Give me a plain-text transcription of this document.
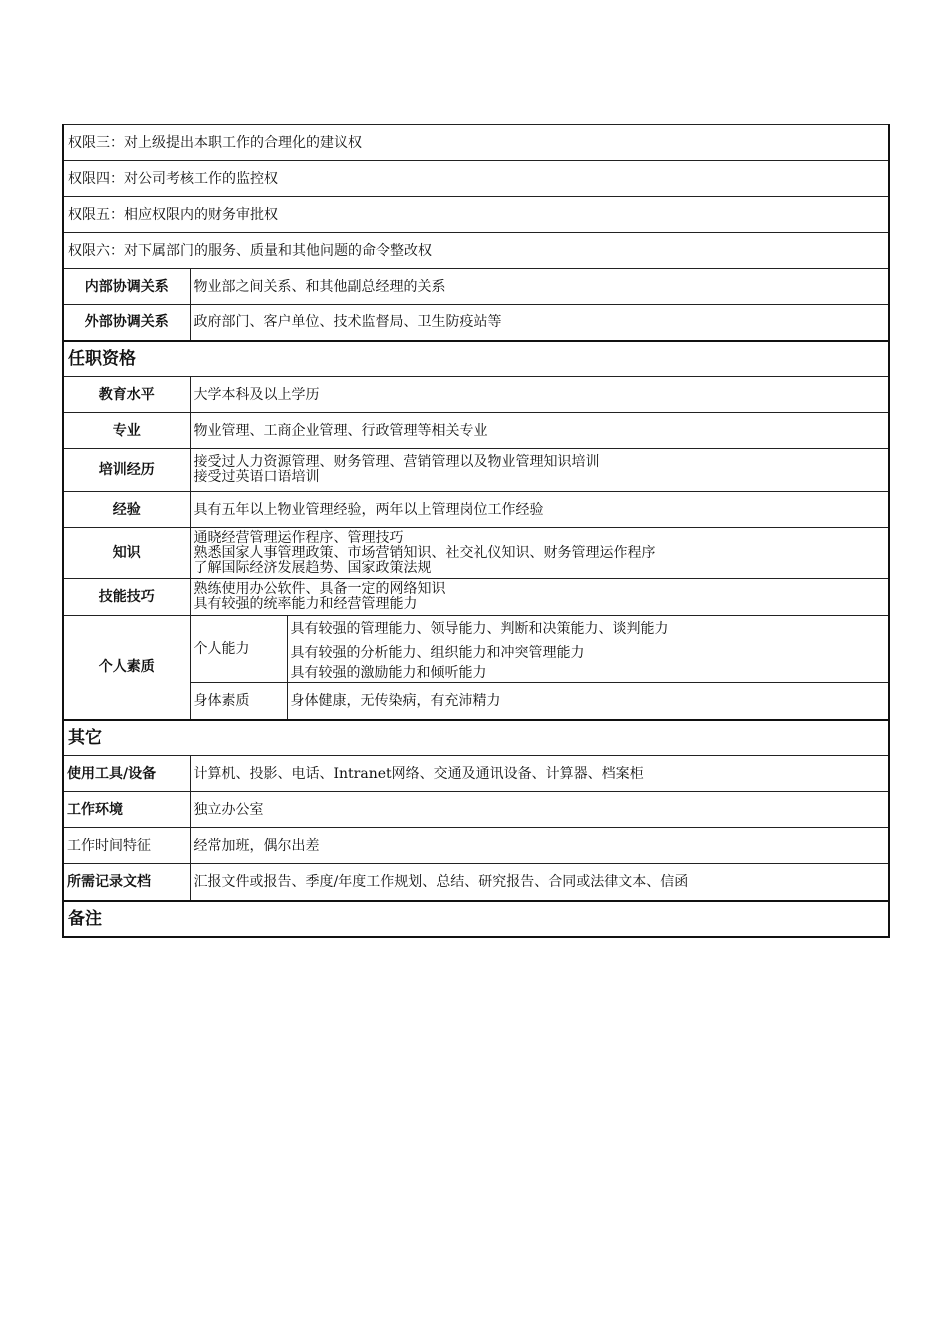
权限三：对上级提出本职工作的合理化的建议权		
权限四：对公司考核工作的监控权		
权限五：相应权限内的财务审批权		
权限六：对下属部门的服务、质量和其他问题的命令整改权		
内部协调关系	物业部之间关系、和其他副总经理的关系	
外部协调关系	政府部门、客户单位、技术监督局、卫生防疫站等	
任职资格		
教育水平	大学本科及以上学历	
专业	物业管理、工商企业管理、行政管理等相关专业	
培训经历	接受过人力资源管理、财务管理、营销管理以及物业管理知识培训
接受过英语口语培训	

经验	具有五年以上物业管理经验，两年以上管理岗位工作经验	
知识	通晓经营管理运作程序、管理技巧
熟悉国家人事管理政策、市场营销知识、社交礼仪知识、财务管理运作程序
了解国际经济发展趋势、国家政策法规	

技能技巧	熟练使用办公软件、具备一定的网络知识
具有较强的统率能力和经营管理能力	

个人素质	个人能力	具有较强的管理能力、领导能力、判断和决策能力、谈判能力
具有较强的分析能力、组织能力和冲突管理能力
具有较强的激励能力和倾听能力

	身体素质	身体健康，无传染病，有充沛精力
其它		
使用工具/设备	计算机、投影、电话、Intranet网络、交通及通讯设备、计算器、档案柜	
工作环境	独立办公室	
工作时间特征	经常加班，偶尔出差	
所需记录文档	汇报文件或报告、季度/年度工作规划、总结、研究报告、合同或法律文本、信函	
备注		
